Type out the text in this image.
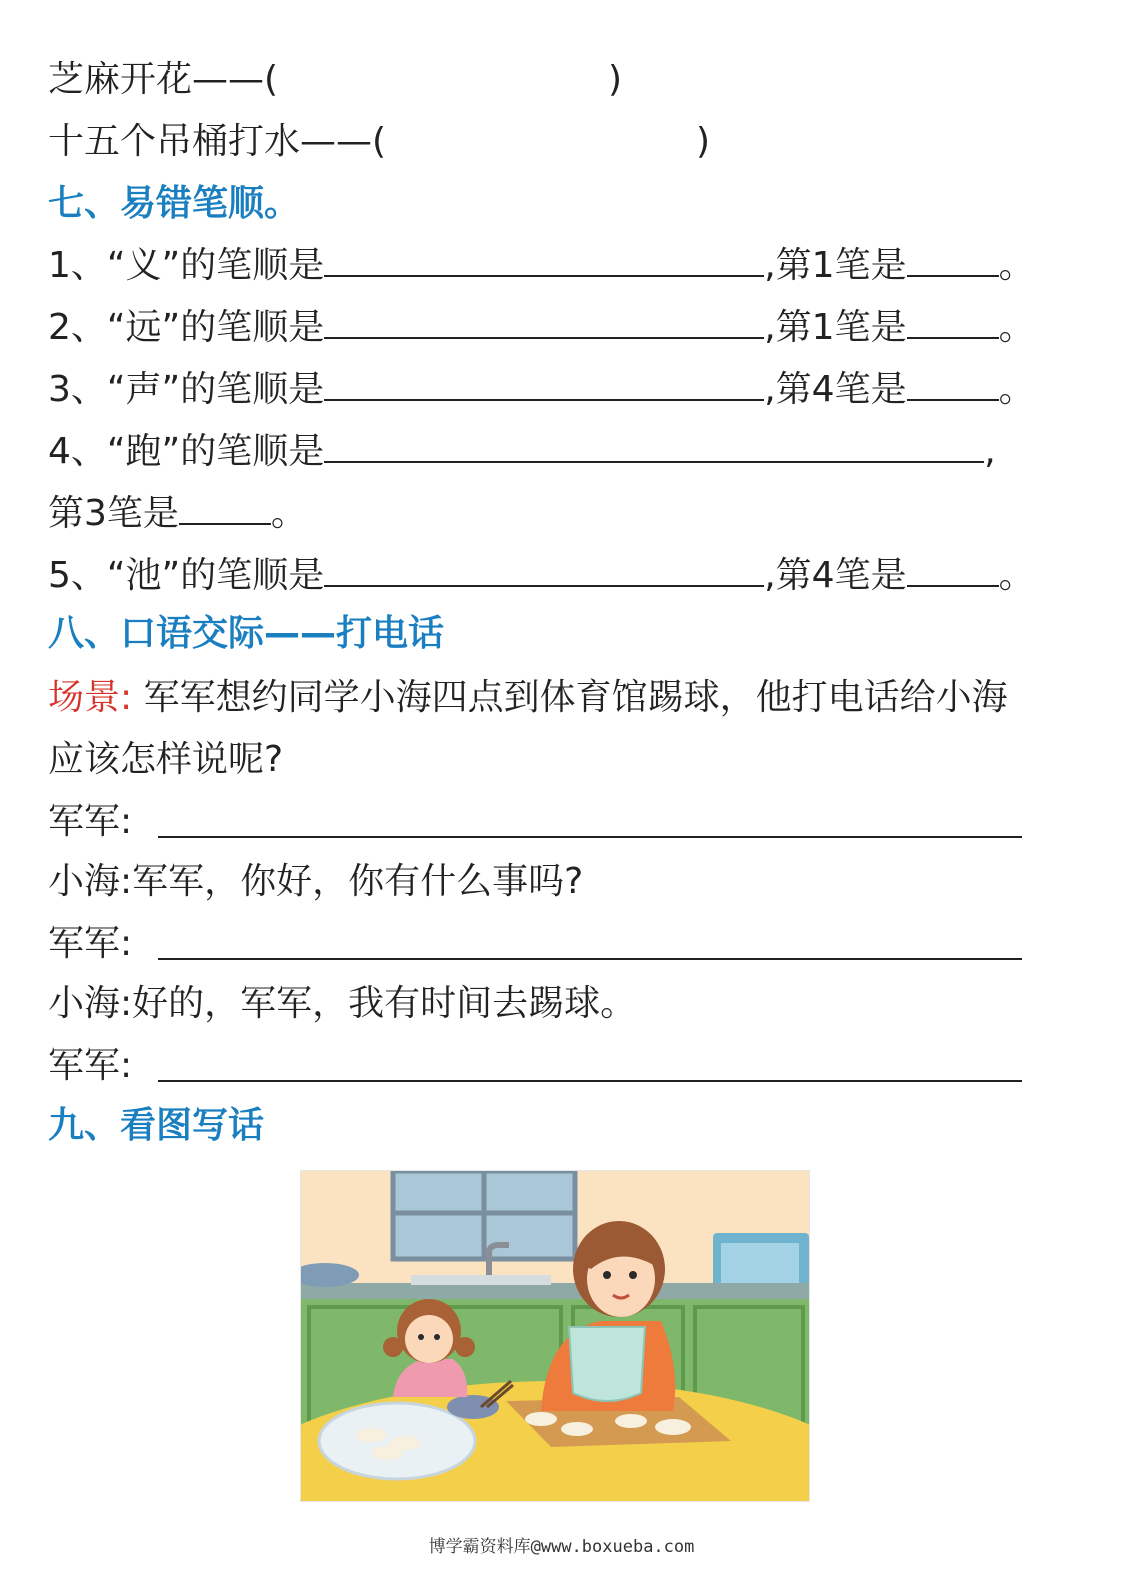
芝麻开花——(	)
十五个吊桶打水——(	)
七、易错笔顺。
1、“义”的笔顺是	,第1笔是	。
2、“远”的笔顺是	,第1笔是	。
3、“声”的笔顺是	,第4笔是	。
4、“跑”的笔顺是	,
第3笔是	。
5、“池”的笔顺是	,第4笔是	。
八、口语交际——打电话
场景: 军军想约同学小海四点到体育馆踢球，他打电话给小海
应该怎样说呢?
军军:
小海:军军，你好，你有什么事吗?
军军:
小海:好的，军军，我有时间去踢球。
军军:
九、看图写话
博学霸资料库@www.boxueba.com
